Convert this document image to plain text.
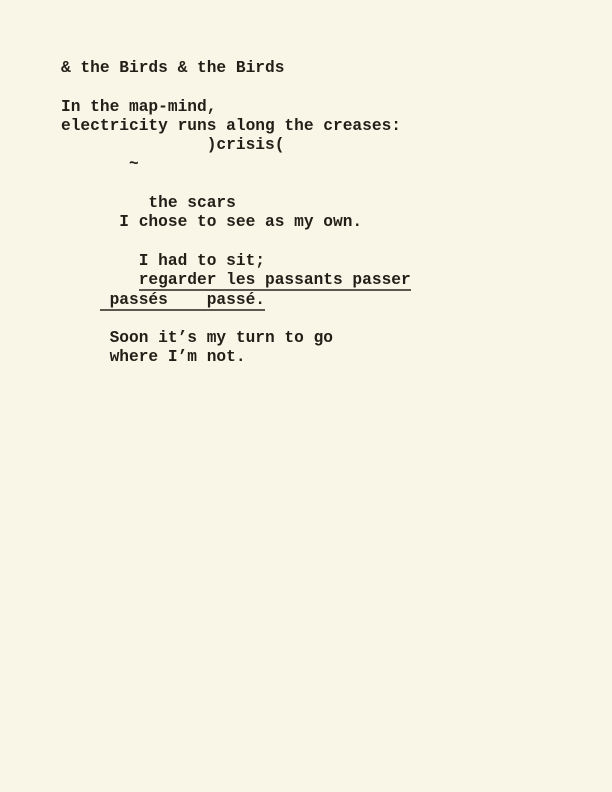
& the Birds & the Birds

In the map-mind,
electricity runs along the creases:
)crisis(
~

the scars
I chose to see as my own.

I had to sit;
regarder les passants passer
passés    passé.

Soon it’s my turn to go
where I’m not.
